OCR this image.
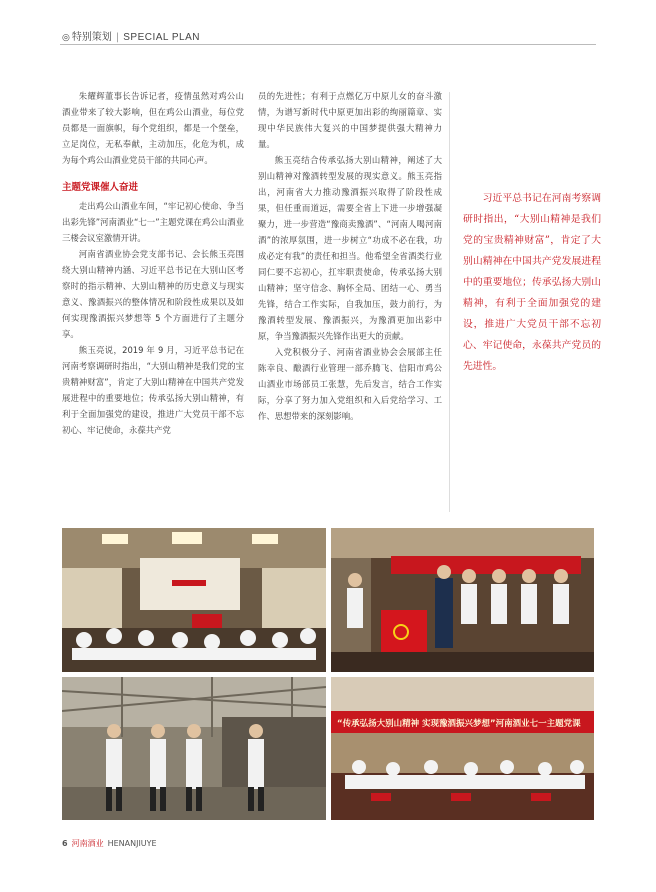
◎ 特别策划 | SPECIAL PLAN

朱耀辉董事长告诉记者，疫情虽然对鸡公山酒业带来了较大影响，但在鸡公山酒业，每位党员都是一面旗帜，每个党组织，都是一个堡垒，立足岗位，无私奉献，主动加压，化危为机，成为每个鸡公山酒业党员干部的共同心声。

主题党课催人奋进

走出鸡公山酒业车间，“牢记初心使命、争当出彩先锋”河南酒业“七一”主题党课在鸡公山酒业三楼会议室激情开讲。

河南省酒业协会党支部书记、会长熊玉亮围绕大别山精神内涵、习近平总书记在大别山区考察时的指示精神、大别山精神的历史意义与现实意义、豫酒振兴的整体情况和阶段性成果以及如何实现豫酒振兴梦想等 5 个方面进行了主题分享。

熊玉亮说，2019 年 9 月，习近平总书记在河南考察调研时指出，“大别山精神是我们党的宝贵精神财富”，肯定了大别山精神在中国共产党发展进程中的重要地位；传承弘扬大别山精神，有利于全面加强党的建设，推进广大党员干部不忘初心、牢记使命，永葆共产党

员的先进性；有利于点燃亿万中原儿女的奋斗激情，为谱写新时代中原更加出彩的绚丽篇章、实现中华民族伟大复兴的中国梦提供强大精神力量。

熊玉亮结合传承弘扬大别山精神，阐述了大别山精神对豫酒转型发展的现实意义。熊玉亮指出，河南省大力推动豫酒振兴取得了阶段性成果，但任重而道远，需要全省上下进一步增强凝聚力，进一步营造“豫商卖豫酒”、“河南人喝河南酒”的浓厚氛围，进一步树立“功成不必在我，功成必定有我”的责任和担当。他希望全省酒类行业同仁要不忘初心，扛牢职责使命，传承弘扬大别山精神；坚守信念、胸怀全局、团结一心、勇当先锋，结合工作实际，自我加压，鼓力前行，为豫酒转型发展、豫酒振兴，为豫酒更加出彩中原，争当豫酒振兴先锋作出更大的贡献。

入党积极分子、河南省酒业协会会展部主任陈幸良、酿酒行业管理一部乔腾飞、信阳市鸡公山酒业市场部员工张慧，先后发言，结合工作实际，分享了努力加入党组织和入后党给学习、工作、思想带来的深刻影响。

习近平总书记在河南考察调研时指出，“大别山精神是我们党的宝贵精神财富”，肯定了大别山精神在中国共产党发展进程中的重要地位；传承弘扬大别山精神，有利于全面加强党的建设，推进广大党员干部不忘初心、牢记使命，永葆共产党员的先进性。
“传承弘扬大别山精神 实现豫酒振兴梦想”河南酒业七一主题党课
6 河南酒业 HENANJIUYE
